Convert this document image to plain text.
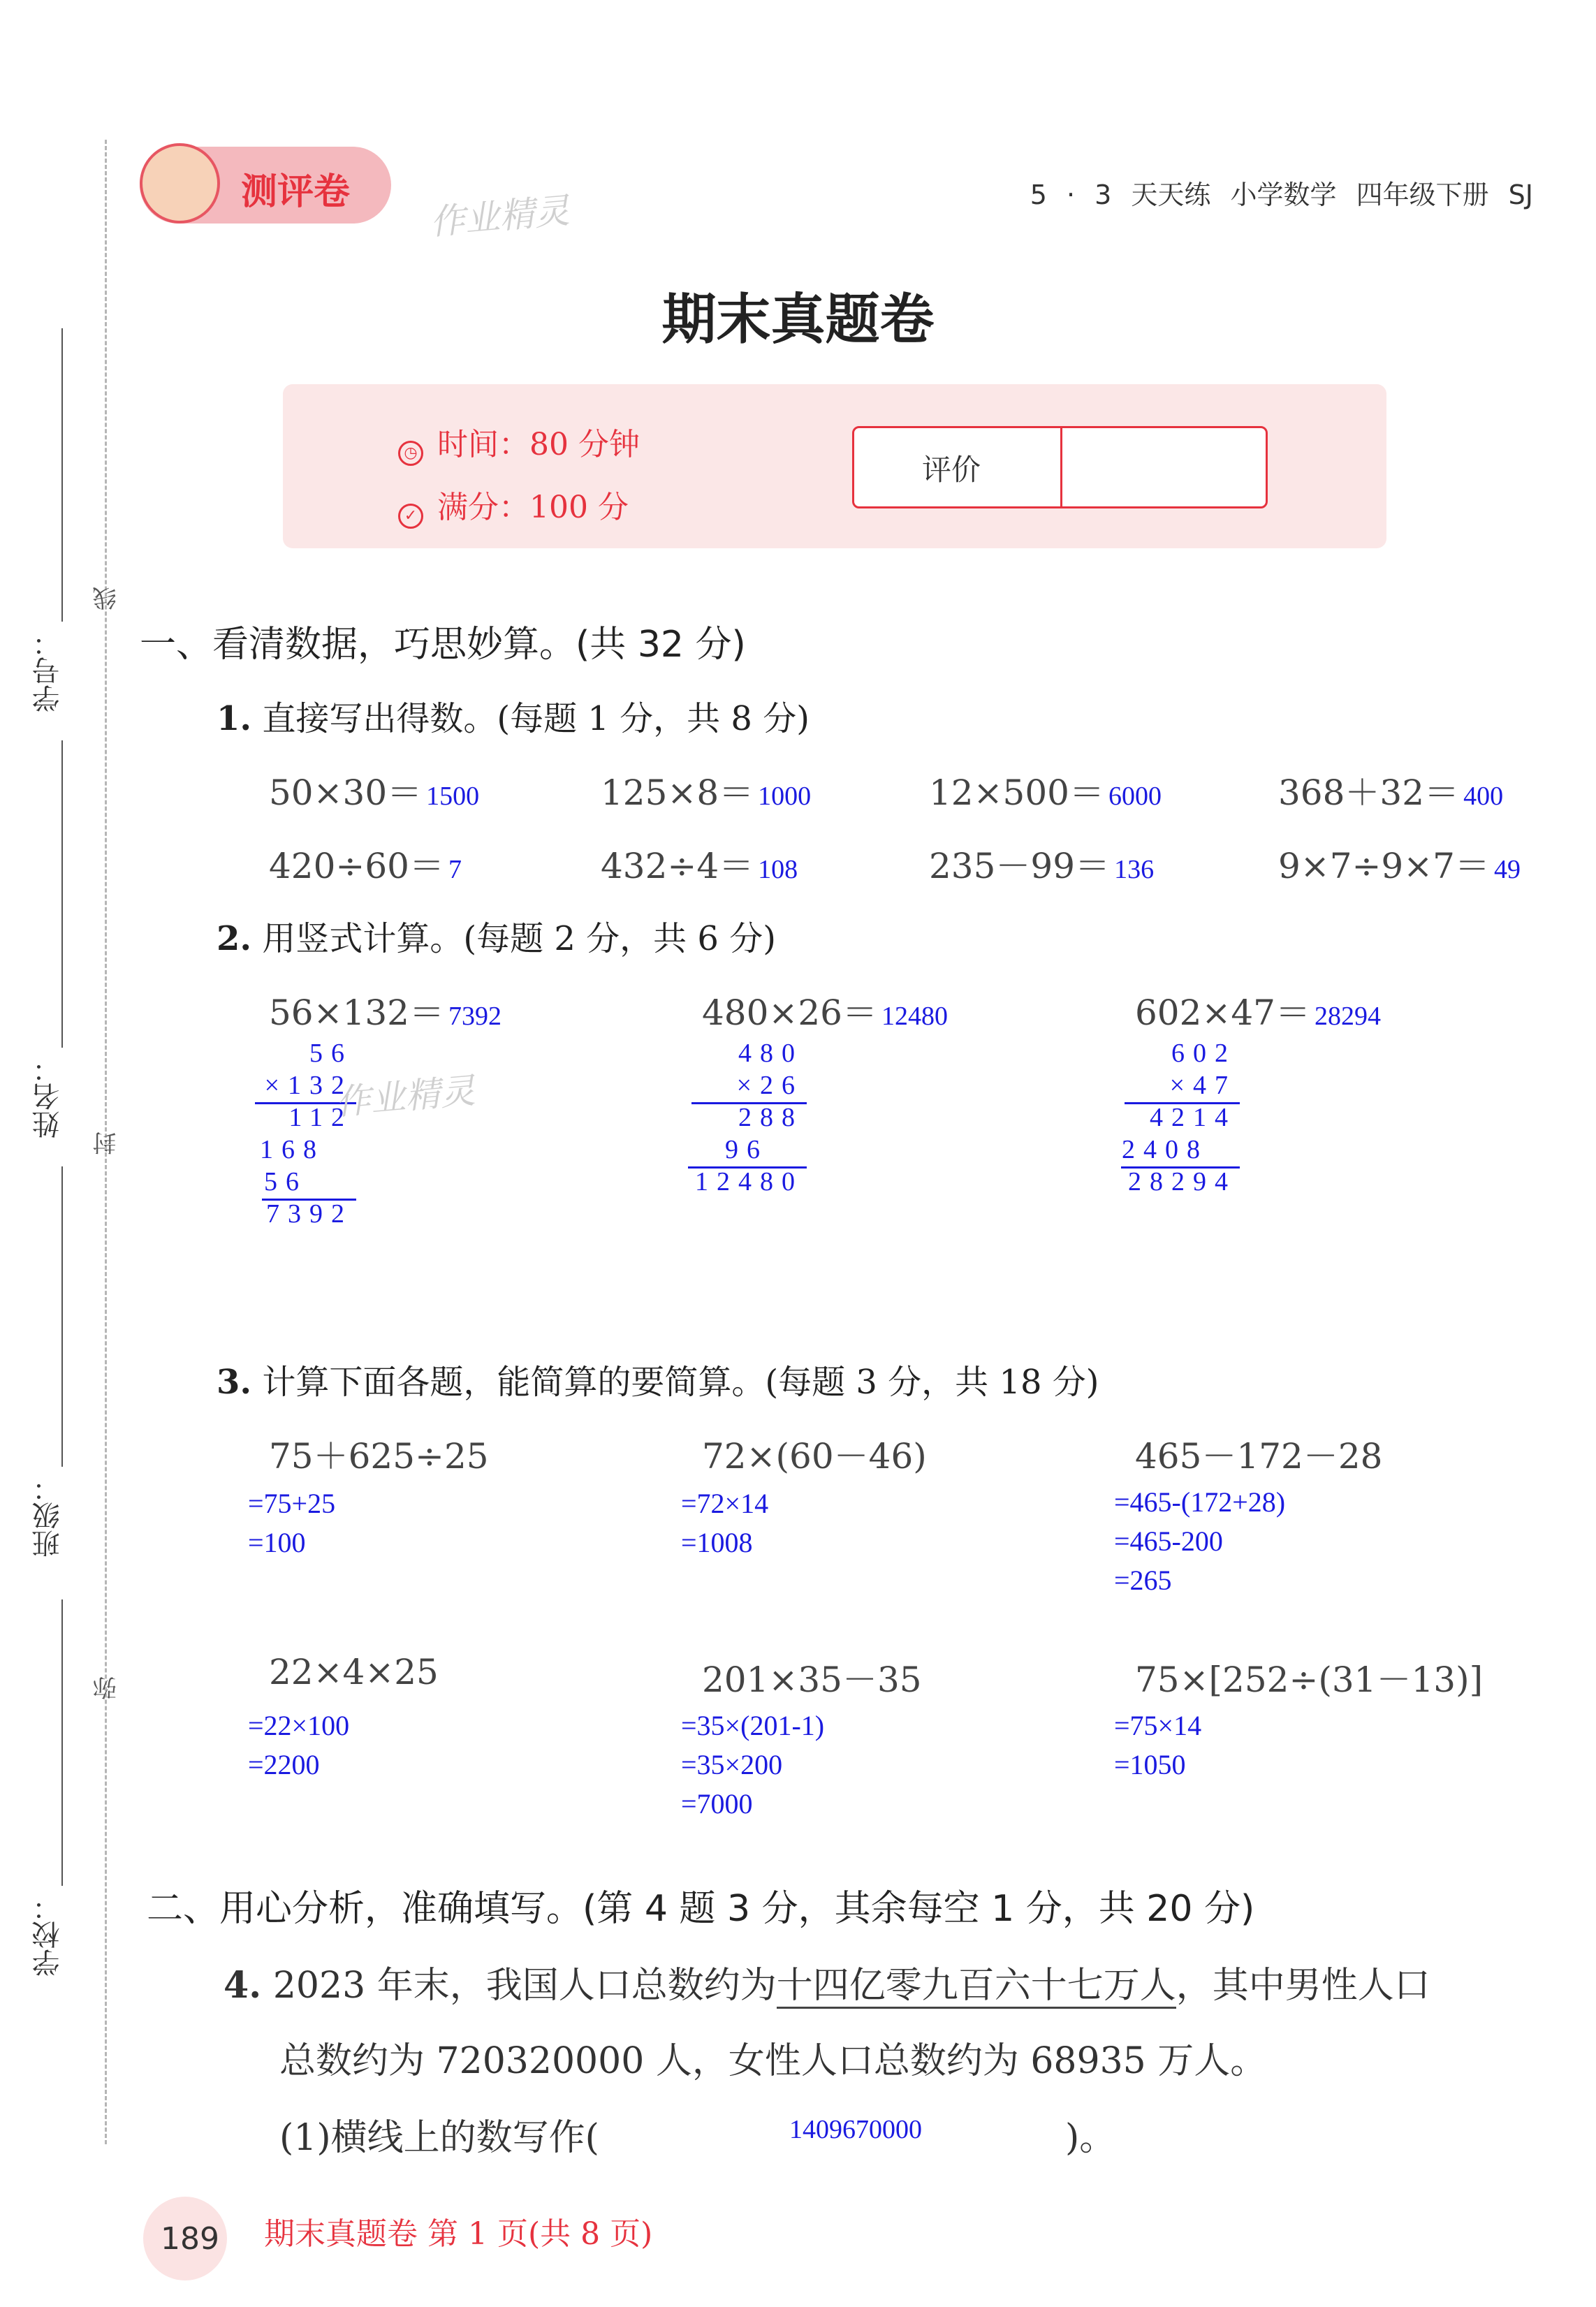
学号：
线
姓名：
封
班级：
弥
学校：
测评卷 作业精灵	5 · 3 天天练 小学数学 四年级下册 SJ
期末真题卷
◷ 时间：80 分钟
✓ 满分：100 分
评价
一、看清数据，巧思妙算。(共 32 分)
1. 直接写出得数。(每题 1 分，共 8 分)
50×30＝ 1500	125×8＝ 1000	12×500＝ 6000	368＋32＝ 400
420÷60＝ 7	432÷4＝ 108	235－99＝ 136	9×7÷9×7＝ 49
2. 用竖式计算。(每题 2 分，共 6 分)
56×132＝ 7392	480×26＝ 12480	602×47＝ 28294
56
×132
112
168
56
7392
480
×26
288
96
12480
602
×47
4214
2408
28294
作业精灵
3. 计算下面各题，能简算的要简算。(每题 3 分，共 18 分)
75＋625÷25	72×(60－46)	465－172－28
=75+25
=100
=72×14
=1008
=465-(172+28)
=465-200
=265
22×4×25	201×35－35	75×[252÷(31－13)]
=22×100
=2200
=35×(201-1)
=35×200
=7000
=75×14
=1050
二、用心分析，准确填写。(第 4 题 3 分，其余每空 1 分，共 20 分)
4. 2023 年末，我国人口总数约为十四亿零九百六十七万人，其中男性人口
总数约为 720320000 人，女性人口总数约为 68935 万人。
(1)横线上的数写作(	1409670000	)。
189 期末真题卷 第 1 页(共 8 页)
